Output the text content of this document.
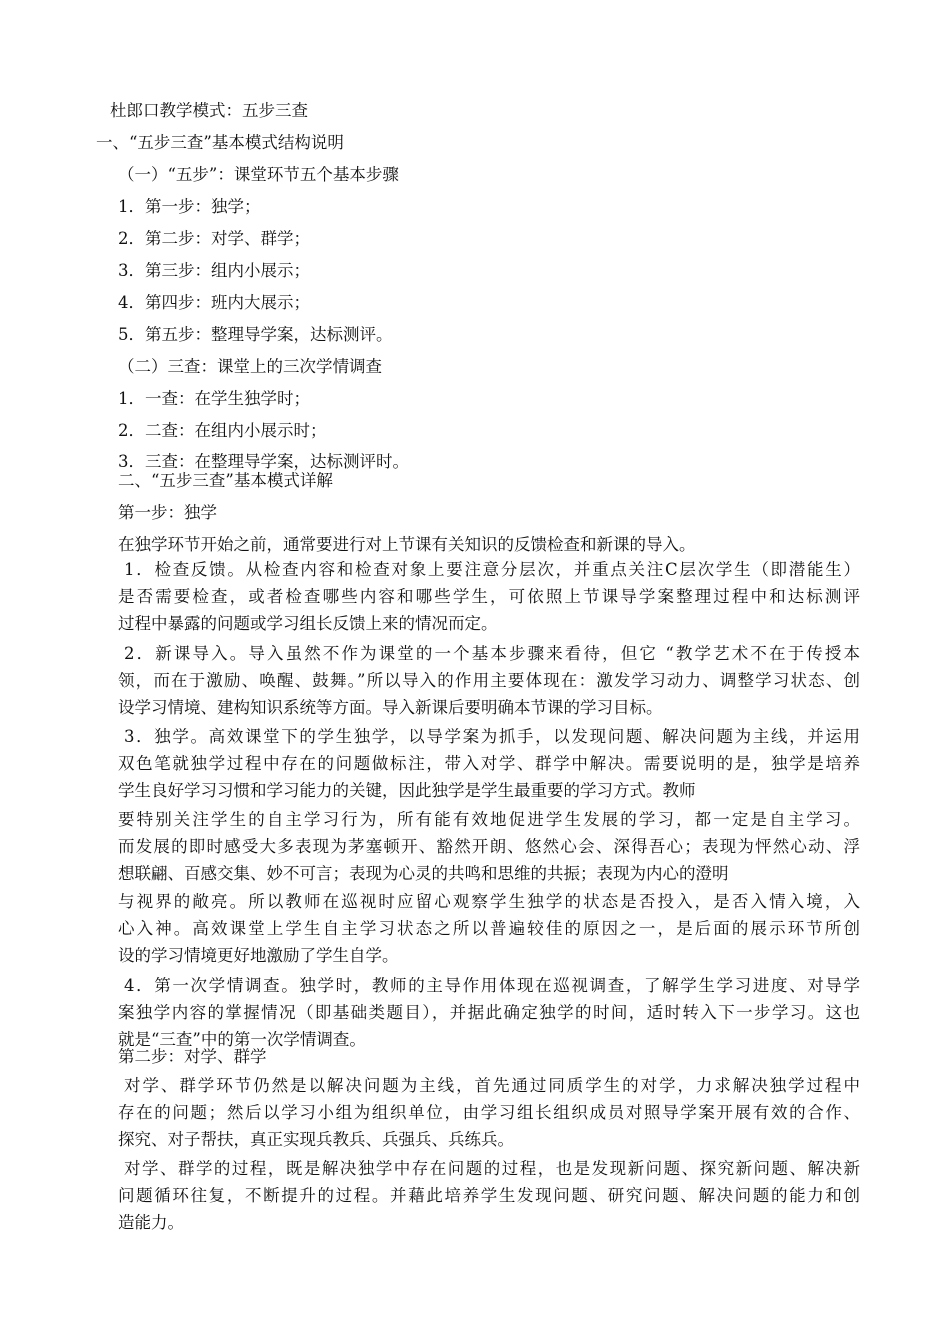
杜郎口教学模式：五步三查
一、“五步三查”基本模式结构说明
（一）“五步”：课堂环节五个基本步骤
1．第一步：独学；
2．第二步：对学、群学；
3．第三步：组内小展示；
4．第四步：班内大展示；
5．第五步：整理导学案，达标测评。
（二）三查：课堂上的三次学情调查
1．一查：在学生独学时；
2．二查：在组内小展示时；
3．三查：在整理导学案，达标测评时。
二、“五步三查”基本模式详解
第一步：独学
在独学环节开始之前，通常要进行对上节课有关知识的反馈检查和新课的导入。
1．检查反馈。从检查内容和检查对象上要注意分层次，并重点关注C层次学生（即潜能生）
是否需要检查，或者检查哪些内容和哪些学生，可依照上节课导学案整理过程中和达标测评
过程中暴露的问题或学习组长反馈上来的情况而定。
2．新课导入。导入虽然不作为课堂的一个基本步骤来看待，但它 “教学艺术不在于传授本
领，而在于激励、唤醒、鼓舞。”所以导入的作用主要体现在：激发学习动力、调整学习状态、创
设学习情境、建构知识系统等方面。导入新课后要明确本节课的学习目标。
3．独学。高效课堂下的学生独学，以导学案为抓手，以发现问题、解决问题为主线，并运用
双色笔就独学过程中存在的问题做标注，带入对学、群学中解决。需要说明的是，独学是培养
学生良好学习习惯和学习能力的关键，因此独学是学生最重要的学习方式。教师
要特别关注学生的自主学习行为，所有能有效地促进学生发展的学习，都一定是自主学习。
而发展的即时感受大多表现为茅塞顿开、豁然开朗、悠然心会、深得吾心；表现为怦然心动、浮
想联翩、百感交集、妙不可言；表现为心灵的共鸣和思维的共振；表现为内心的澄明
与视界的敞亮。所以教师在巡视时应留心观察学生独学的状态是否投入，是否入情入境，入
心入神。高效课堂上学生自主学习状态之所以普遍较佳的原因之一，是后面的展示环节所创
设的学习情境更好地激励了学生自学。
4．第一次学情调查。独学时，教师的主导作用体现在巡视调查，了解学生学习进度、对导学
案独学内容的掌握情况（即基础类题目），并据此确定独学的时间，适时转入下一步学习。这也
就是“三查”中的第一次学情调查。
第二步：对学、群学
对学、群学环节仍然是以解决问题为主线，首先通过同质学生的对学，力求解决独学过程中
存在的问题；然后以学习小组为组织单位，由学习组长组织成员对照导学案开展有效的合作、
探究、对子帮扶，真正实现兵教兵、兵强兵、兵练兵。
对学、群学的过程，既是解决独学中存在问题的过程，也是发现新问题、探究新问题、解决新
问题循环往复，不断提升的过程。并藉此培养学生发现问题、研究问题、解决问题的能力和创
造能力。
